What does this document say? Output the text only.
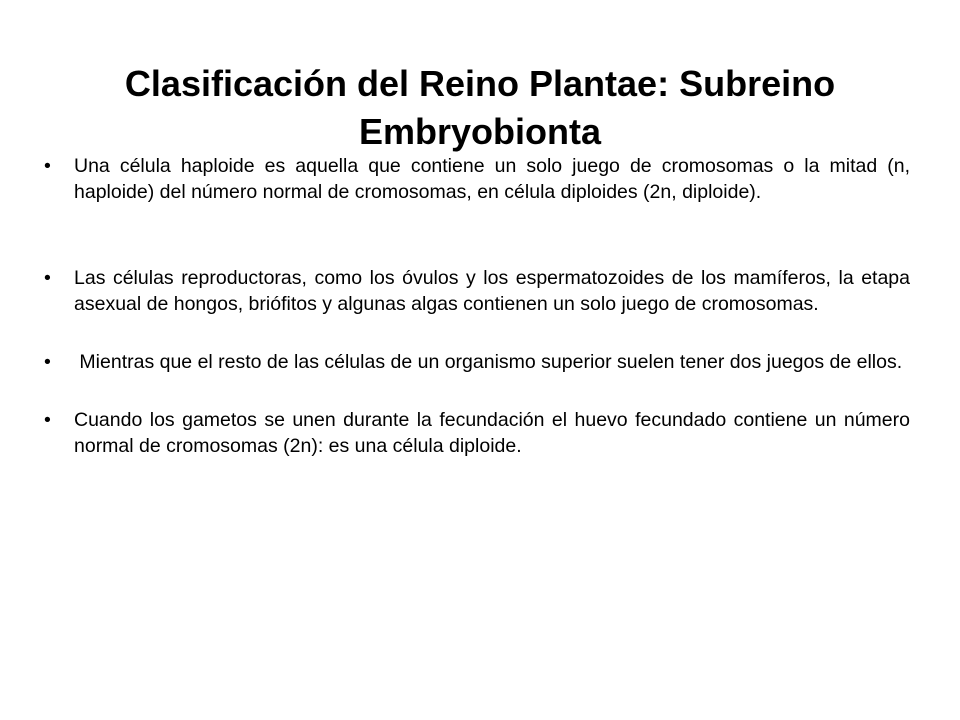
Clasificación del Reino Plantae: Subreino Embryobionta
• Una célula haploide es aquella que contiene un solo juego de cromosomas o la mitad (n, haploide) del número normal de cromosomas, en célula diploides (2n, diploide).
• Las células reproductoras, como los óvulos y los espermatozoides de los mamíferos, la etapa asexual de hongos, briófitos y algunas algas contienen un solo juego de cromosomas.
• Mientras que el resto de las células de un organismo superior suelen tener dos juegos de ellos.
• Cuando los gametos se unen durante la fecundación el huevo fecundado contiene un número normal de cromosomas (2n): es una célula diploide.
